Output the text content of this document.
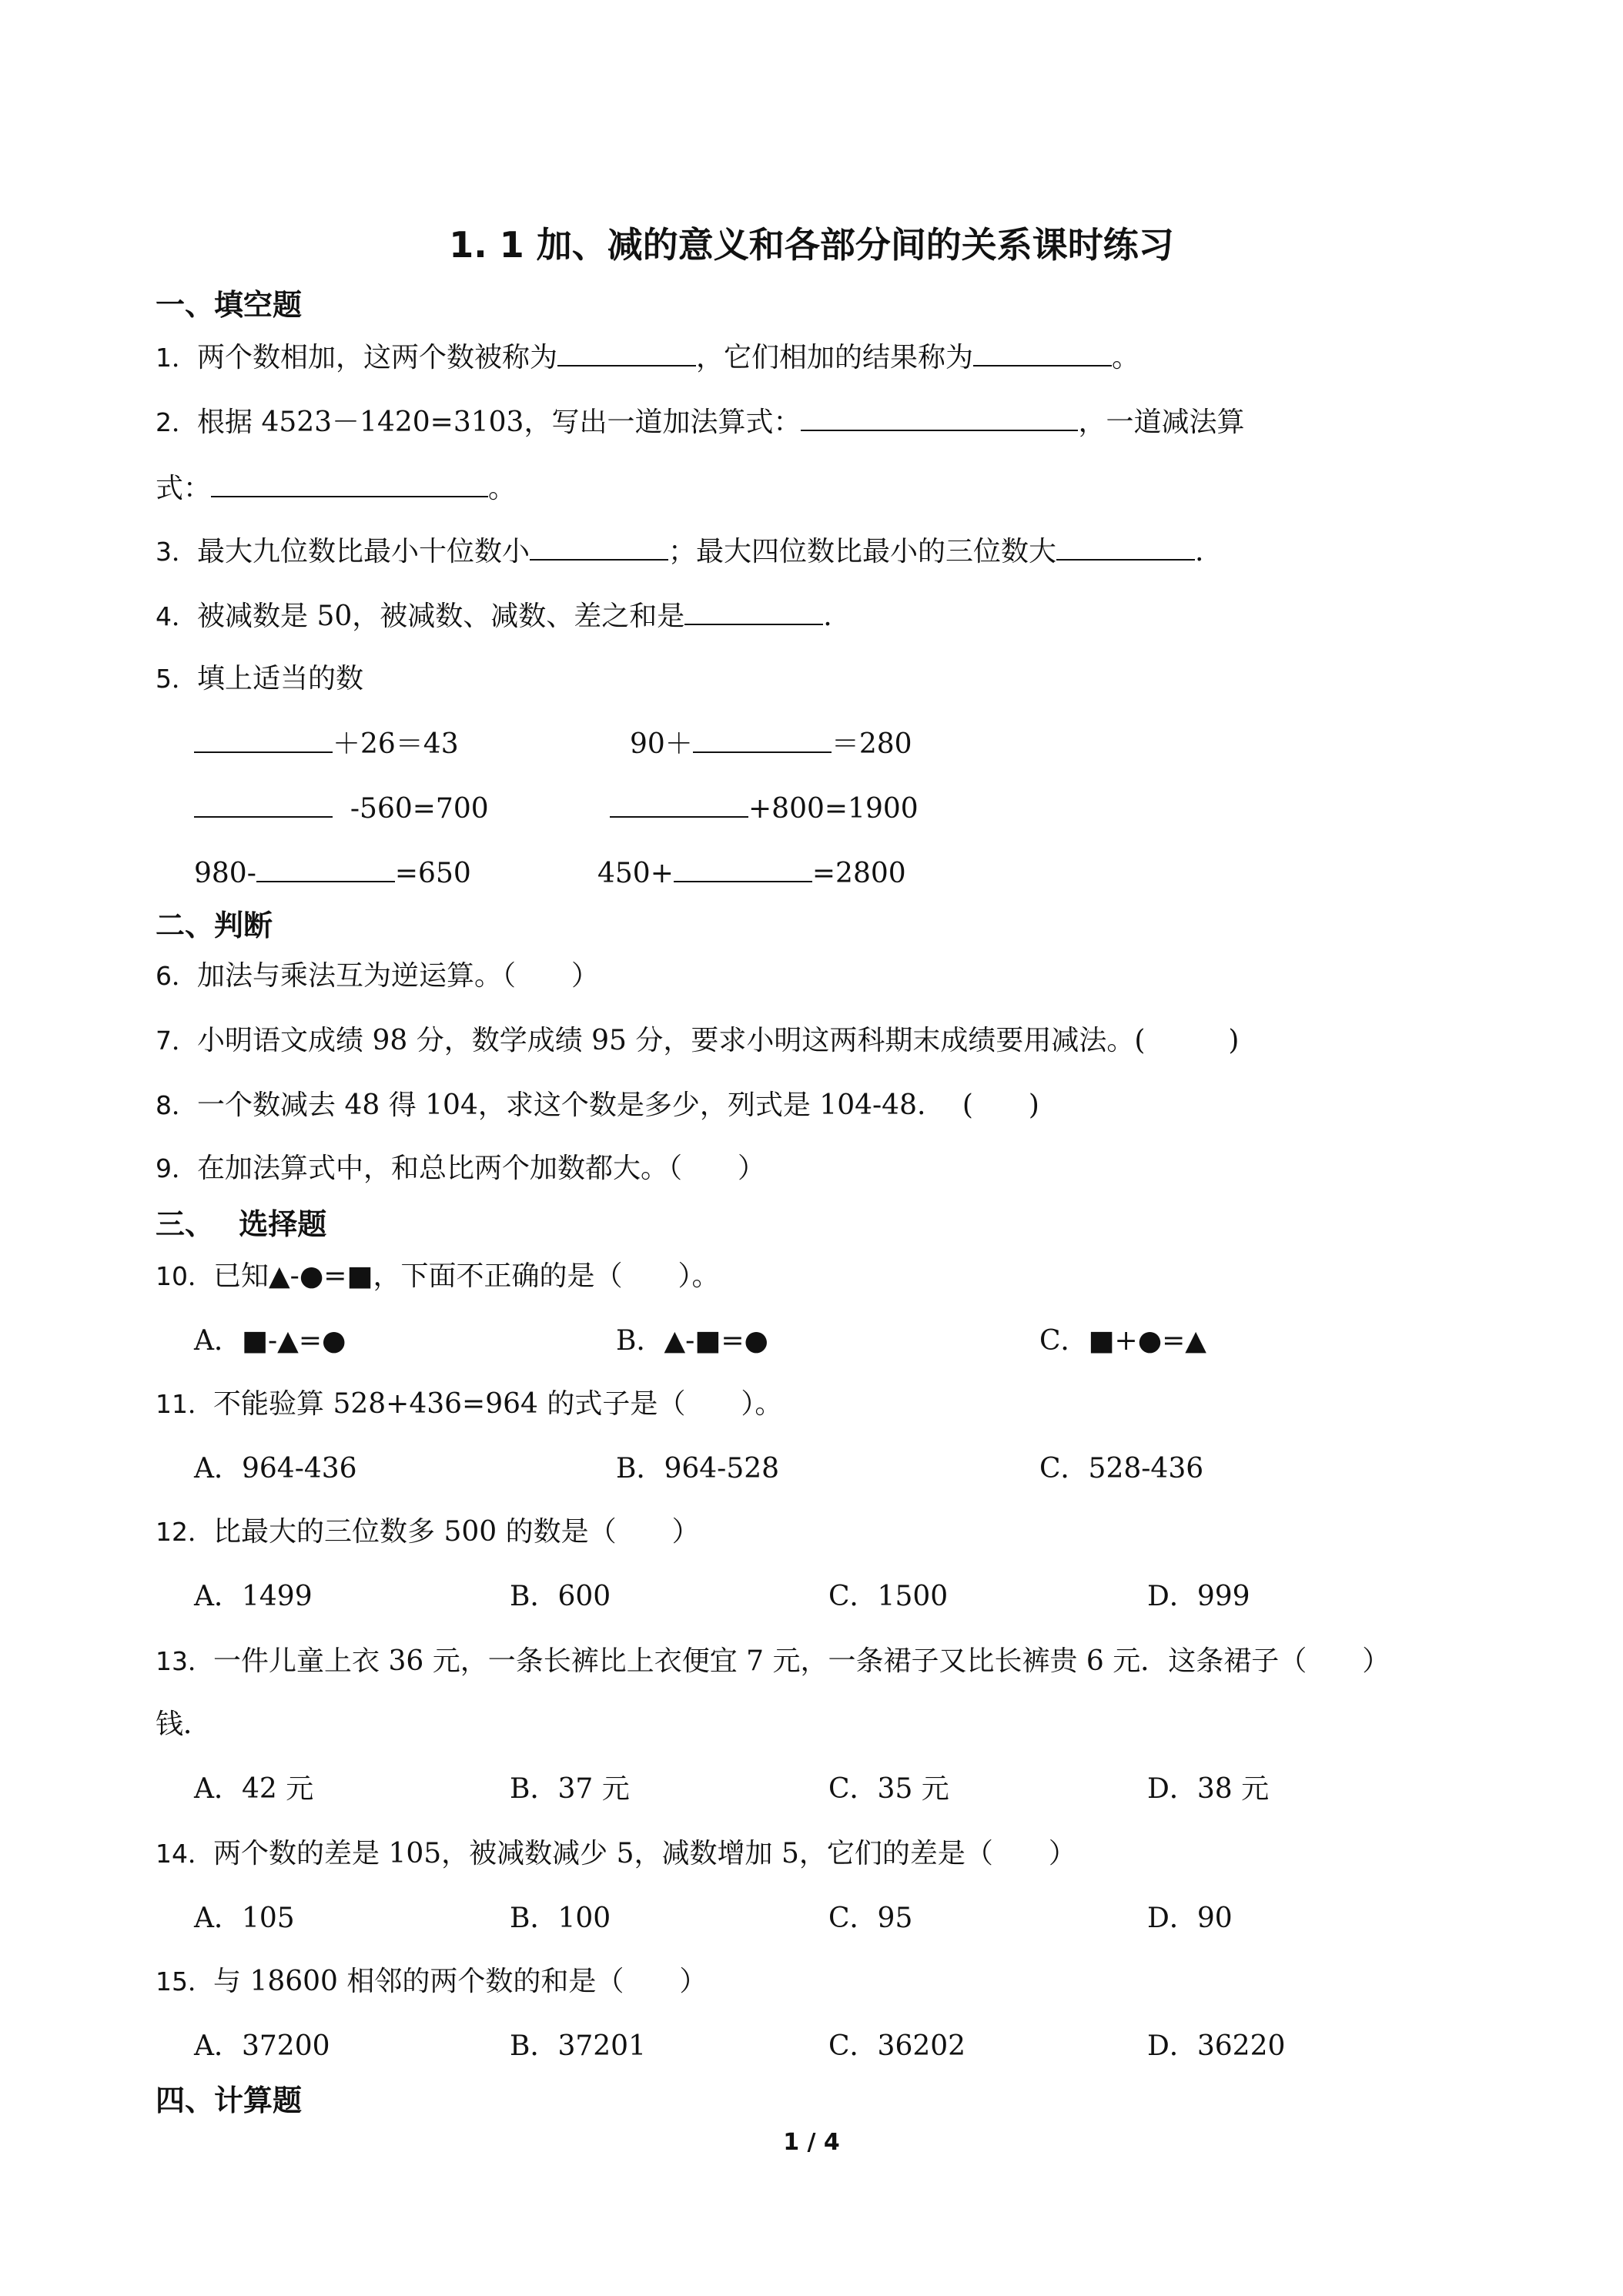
1. 1 加、减的意义和各部分间的关系课时练习
一、填空题
1．两个数相加，这两个数被称为	，它们相加的结果称为	。
2．根据 4523－1420=3103，写出一道加法算式：	，一道减法算
式：	。
3．最大九位数比最小十位数小	；最大四位数比最小的三位数大	.
4．被减数是 50，被减数、减数、差之和是	.
5．填上适当的数
＋26＝43	90＋	＝280
-560=700	+800=1900
980-	=650	450+	=2800
二、判断
6．加法与乘法互为逆运算。（　　）
7．小明语文成绩 98 分，数学成绩 95 分，要求小明这两科期末成绩要用减法。(　　　)
8．一个数减去 48 得 104，求这个数是多少，列式是 104-48.　 (　　)
9．在加法算式中，和总比两个加数都大。（　　）
三、　 选择题
10．已知▲-●=■，下面不正确的是（　　）。
A．■-▲=●	B．▲-■=●	C．■+●=▲
11．不能验算 528+436=964 的式子是（　　）。
A．964-436	B．964-528	C．528-436
12．比最大的三位数多 500 的数是（　　）
A．1499	B．600	C．1500	D．999
13．一件儿童上衣 36 元，一条长裤比上衣便宜 7 元，一条裙子又比长裤贵 6 元．这条裙子（　　）
钱．
A．42 元	B．37 元	C．35 元	D．38 元
14．两个数的差是 105，被减数减少 5，减数增加 5，它们的差是（　　）
A．105	B．100	C．95	D．90
15．与 18600 相邻的两个数的和是（　　）
A．37200	B．37201	C．36202	D．36220
四、计算题
1 / 4
